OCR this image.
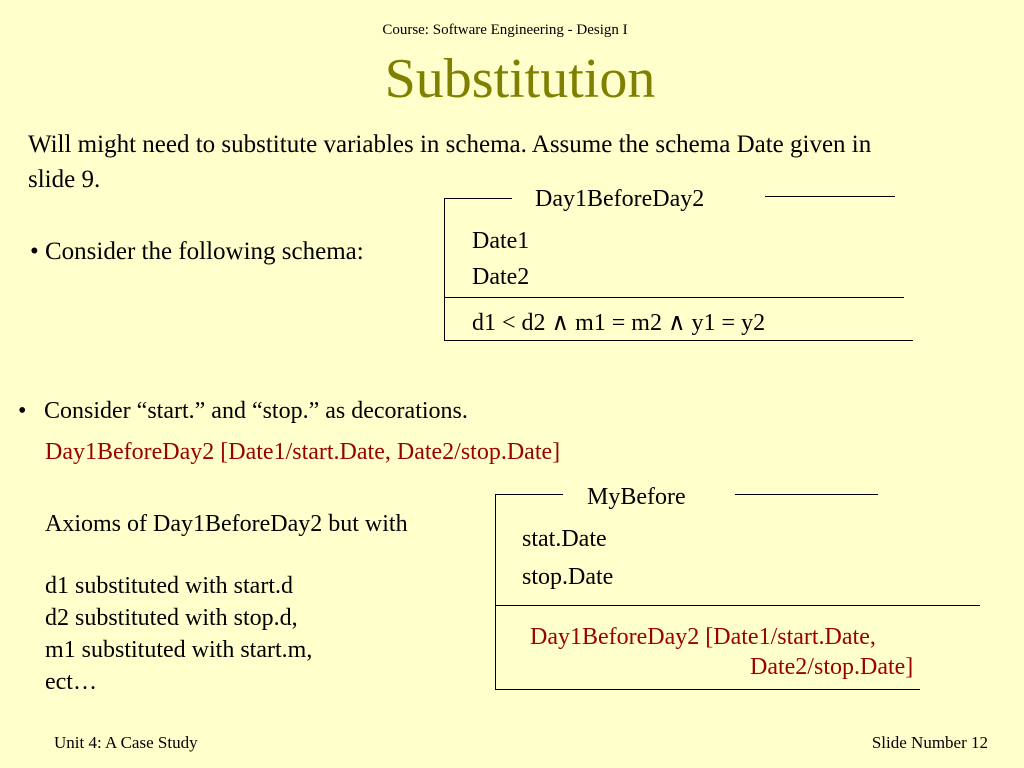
Course: Software Engineering - Design I
Substitution
Will might need to substitute variables in schema. Assume the schema Date given in slide 9.
• Consider the following schema:
Day1BeforeDay2
Date1
Date2
d1 < d2 ∧ m1 = m2 ∧ y1 = y2
• Consider “start.” and “stop.” as decorations.
Day1BeforeDay2 [Date1/start.Date, Date2/stop.Date]
Axioms of Day1BeforeDay2 but with
d1 substituted with start.d
d2 substituted with stop.d,
m1 substituted with start.m,
ect…
MyBefore
stat.Date
stop.Date
Day1BeforeDay2 [Date1/start.Date,
Date2/stop.Date]
Unit 4: A Case Study	Slide Number 12
